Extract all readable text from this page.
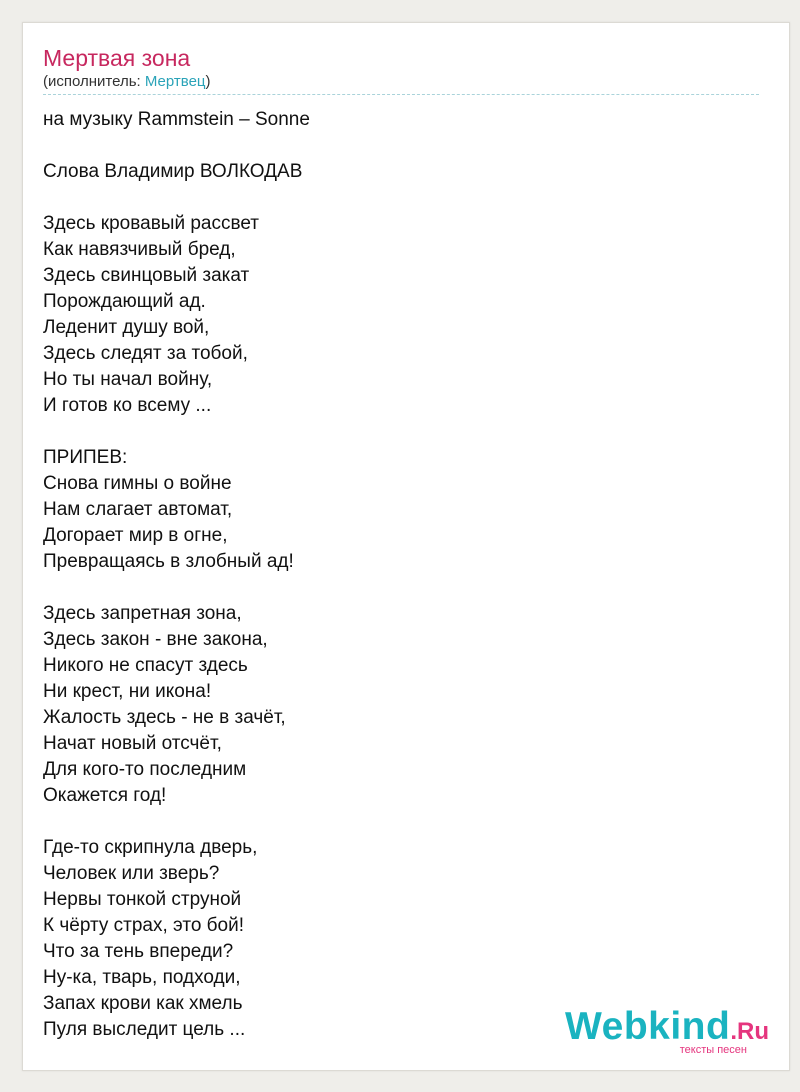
Мертвая зона
(исполнитель: Мертвец)
на музыку Rammstein – Sonne
Слова Владимир ВОЛКОДАВ
Здесь кровавый рассвет
Как навязчивый бред,
Здесь свинцовый закат
Порождающий ад.
Леденит душу вой,
Здесь следят за тобой,
Но ты начал войну,
И готов ко всему ...
ПРИПЕВ:
Снова гимны о войне
Нам слагает автомат,
Догорает мир в огне,
Превращаясь в злобный ад!
Здесь запретная зона,
Здесь закон - вне закона,
Никого не спасут здесь
Ни крест, ни икона!
Жалость здесь - не в зачёт,
Начат новый отсчёт,
Для кого-то последним
Окажется год!
Где-то скрипнула дверь,
Человек или зверь?
Нервы тонкой струной
К чёрту страх, это бой!
Что за тень впереди?
Ну-ка, тварь, подходи,
Запах крови как хмель
Пуля выследит цель ...	Webkind.Ru
тексты песен
